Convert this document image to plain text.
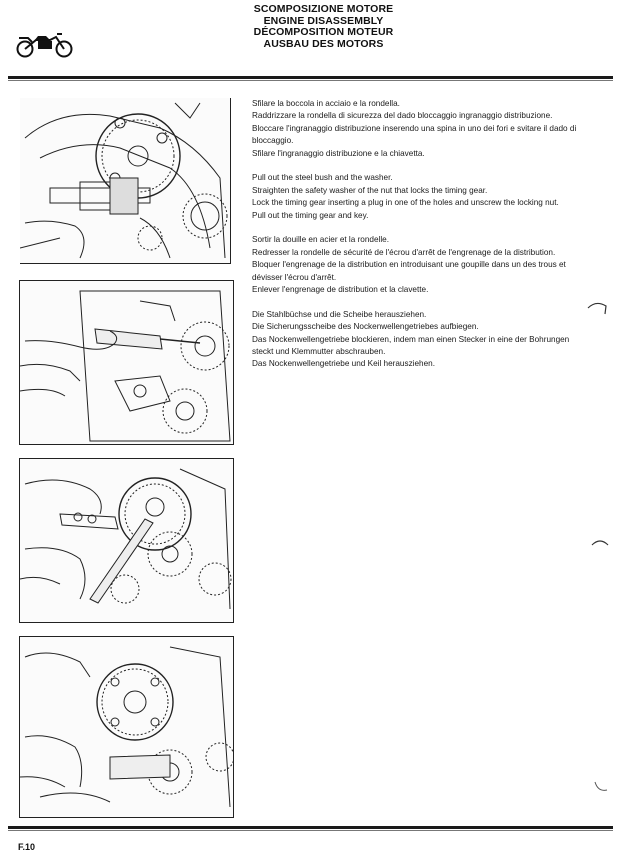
SCOMPOSIZIONE MOTORE
ENGINE DISASSEMBLY
DÉCOMPOSITION MOTEUR
AUSBAU DES MOTORS

Sfilare la boccola in acciaio e la rondella.

Raddrizzare la rondella di sicurezza del dado bloccaggio ingranaggio distribuzione.

Bloccare l'ingranaggio distribuzione inserendo una spina in uno dei fori e svitare il dado di bloccaggio.

Sfilare l'ingranaggio distribuzione e la chiavetta.

Pull out the steel bush and the washer.

Straighten the safety washer of the nut that locks the timing gear.

Lock the timing gear inserting a plug in one of the holes and unscrew the locking nut.

Pull out the timing gear and key.

Sortir la douille en acier et la rondelle.

Redresser la rondelle de sécurité de l'écrou d'arrêt de l'engrenage de la distribution.

Bloquer l'engrenage de la distribution en introduisant une goupille dans un des trous et dévisser l'écrou d'arrêt.

Enlever l'engrenage de distribution et la clavette.

Die Stahlbüchse und die Scheibe herausziehen.

Die Sicherungsscheibe des Nockenwellengetriebes aufbiegen.

Das Nockenwellengetriebe blockieren, indem man einen Stecker in eine der Bohrungen steckt und Klemmutter abschrauben.

Das Nockenwellengetriebe und Keil herausziehen.

F.10
